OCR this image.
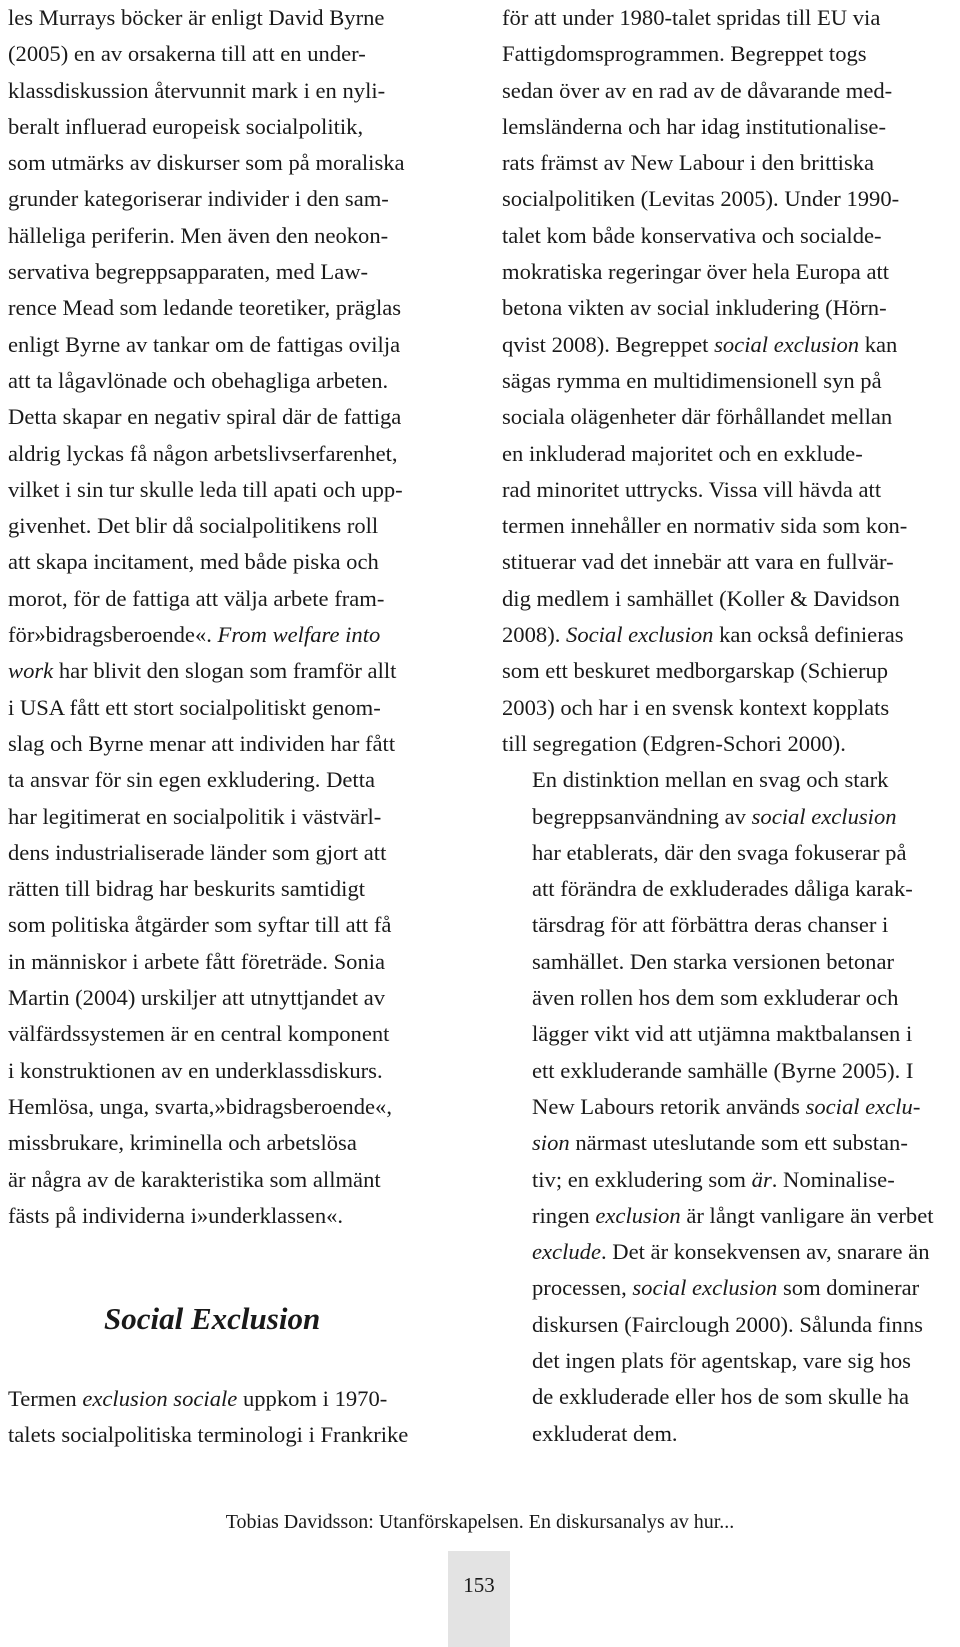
les Murrays böcker är enligt David Byrne
(2005) en av orsakerna till att en under-
klassdiskussion återvunnit mark i en nyli-
beralt influerad europeisk socialpolitik,
som utmärks av diskurser som på moraliska
grunder kategoriserar individer i den sam-
hälleliga periferin. Men även den neokon-
servativa begreppsapparaten, med Law-
rence Mead som ledande teoretiker, präglas
enligt Byrne av tankar om de fattigas ovilja
att ta lågavlönade och obehagliga arbeten.
Detta skapar en negativ spiral där de fattiga
aldrig lyckas få någon arbetslivserfarenhet,
vilket i sin tur skulle leda till apati och upp-
givenhet. Det blir då socialpolitikens roll
att skapa incitament, med både piska och
morot, för de fattiga att välja arbete fram-
för»bidragsberoende«. From welfare into
work har blivit den slogan som framför allt
i USA fått ett stort socialpolitiskt genom-
slag och Byrne menar att individen har fått
ta ansvar för sin egen exkludering. Detta
har legitimerat en socialpolitik i västvärl-
dens industrialiserade länder som gjort att
rätten till bidrag har beskurits samtidigt
som politiska åtgärder som syftar till att få
in människor i arbete fått företräde. Sonia
Martin (2004) urskiljer att utnyttjandet av
välfärdssystemen är en central komponent
i konstruktionen av en underklassdiskurs.
Hemlösa, unga, svarta,»bidragsberoende«,
missbrukare, kriminella och arbetslösa
är några av de karakteristika som allmänt
fästs på individerna i»underklassen«.

Social Exclusion

Termen exclusion sociale uppkom i 1970-
talets socialpolitiska terminologi i Frankrike

för att under 1980-talet spridas till EU via
Fattigdomsprogrammen. Begreppet togs
sedan över av en rad av de dåvarande med-
lemsländerna och har idag institutionalise-
rats främst av New Labour i den brittiska
socialpolitiken (Levitas 2005). Under 1990-
talet kom både konservativa och socialde-
mokratiska regeringar över hela Europa att
betona vikten av social inkludering (Hörn-
qvist 2008). Begreppet social exclusion kan
sägas rymma en multidimensionell syn på
sociala olägenheter där förhållandet mellan
en inkluderad majoritet och en exklude-
rad minoritet uttrycks. Vissa vill hävda att
termen innehåller en normativ sida som kon-
stituerar vad det innebär att vara en fullvär-
dig medlem i samhället (Koller & Davidson
2008). Social exclusion kan också definieras
som ett beskuret medborgarskap (Schierup
2003) och har i en svensk kontext kopplats
till segregation (Edgren-Schori 2000).

En distinktion mellan en svag och stark
begreppsanvändning av social exclusion
har etablerats, där den svaga fokuserar på
att förändra de exkluderades dåliga karak-
tärsdrag för att förbättra deras chanser i
samhället. Den starka versionen betonar
även rollen hos dem som exkluderar och
lägger vikt vid att utjämna maktbalansen i
ett exkluderande samhälle (Byrne 2005). I
New Labours retorik används social exclu-
sion närmast uteslutande som ett substan-
tiv; en exkludering som är. Nominalise-
ringen exclusion är långt vanligare än verbet
exclude. Det är konsekvensen av, snarare än
processen, social exclusion som dominerar
diskursen (Fairclough 2000). Sålunda finns
det ingen plats för agentskap, vare sig hos
de exkluderade eller hos de som skulle ha
exkluderat dem.

Tobias Davidsson: Utanförskapelsen. En diskursanalys av hur...
153
